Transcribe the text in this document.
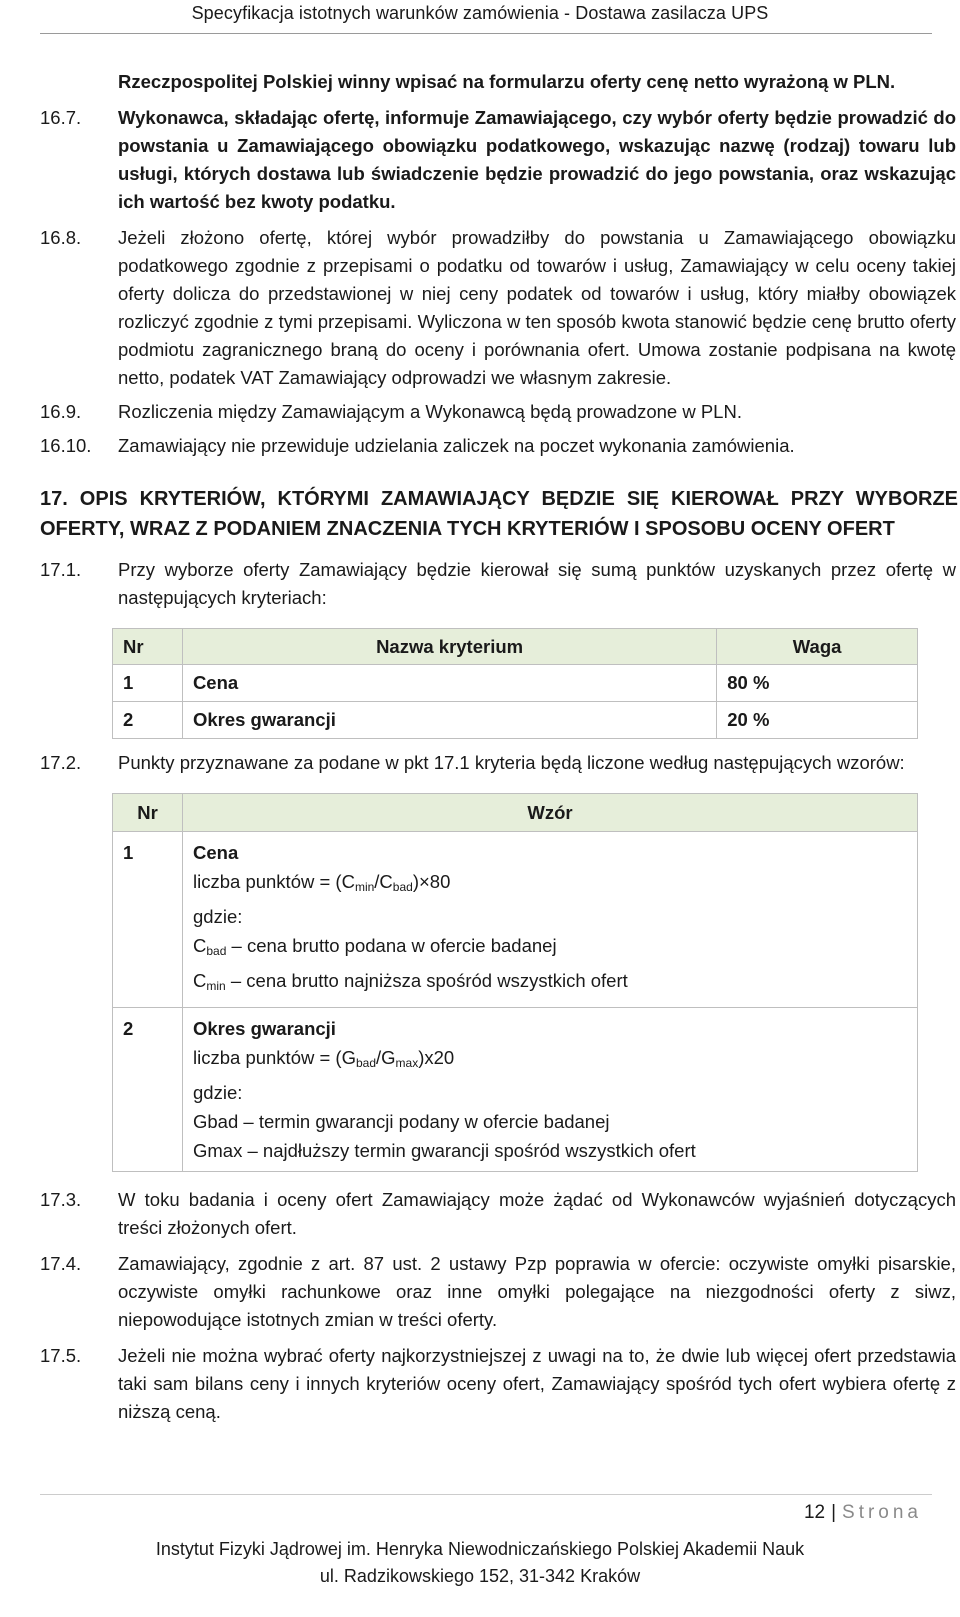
Specyfikacja istotnych warunków zamówienia - Dostawa zasilacza UPS
Rzeczpospolitej Polskiej winny wpisać na formularzu oferty cenę netto wyrażoną w PLN.
16.7.	Wykonawca, składając ofertę, informuje Zamawiającego, czy wybór oferty będzie prowadzić do powstania u Zamawiającego obowiązku podatkowego, wskazując nazwę (rodzaj) towaru lub usługi, których dostawa lub świadczenie będzie prowadzić do jego powstania, oraz wskazując ich wartość bez kwoty podatku.
16.8.	Jeżeli złożono ofertę, której wybór prowadziłby do powstania u Zamawiającego obowiązku podatkowego zgodnie z przepisami o podatku od towarów i usług, Zamawiający w celu oceny takiej oferty dolicza do przedstawionej w niej ceny podatek od towarów i usług, który miałby obowiązek rozliczyć zgodnie z tymi przepisami. Wyliczona w ten sposób kwota stanowić będzie cenę brutto oferty podmiotu zagranicznego braną do oceny i porównania ofert. Umowa zostanie podpisana na kwotę netto, podatek VAT Zamawiający odprowadzi we własnym zakresie.
16.9.	Rozliczenia między Zamawiającym a Wykonawcą będą prowadzone w PLN.
16.10.	Zamawiający nie przewiduje udzielania zaliczek na poczet wykonania zamówienia.
17. OPIS KRYTERIÓW, KTÓRYMI ZAMAWIAJĄCY BĘDZIE SIĘ KIEROWAŁ PRZY WYBORZE OFERTY, WRAZ Z PODANIEM ZNACZENIA TYCH KRYTERIÓW I SPOSOBU OCENY OFERT
17.1.	Przy wyborze oferty Zamawiający będzie kierował się sumą punktów uzyskanych przez ofertę w następujących kryteriach:
Nr	Nazwa kryterium	Waga
1	Cena	80 %
2	Okres gwarancji	20 %
17.2.	Punkty przyznawane za podane w pkt 17.1 kryteria będą liczone według następujących wzorów:
Nr	Wzór
1	Cena
liczba punktów = $(C_{min}/C_{bad})\times 80$
gdzie:
$C_{bad}$ – cena brutto podana w ofercie badanej
$C_{min}$ – cena brutto najniższa spośród wszystkich ofert

2	Okres gwarancji
liczba punktów = $(G_{bad}/G_{max})x20$
gdzie:
Gbad – termin gwarancji podany w ofercie badanej
Gmax – najdłuższy termin gwarancji spośród wszystkich ofert
17.3.	W toku badania i oceny ofert Zamawiający może żądać od Wykonawców wyjaśnień dotyczących treści złożonych ofert.
17.4.	Zamawiający, zgodnie z art. 87 ust. 2 ustawy Pzp poprawia w ofercie: oczywiste omyłki pisarskie, oczywiste omyłki rachunkowe oraz inne omyłki polegające na niezgodności oferty z siwz, niepowodujące istotnych zmian w treści oferty.
17.5.	Jeżeli nie można wybrać oferty najkorzystniejszej z uwagi na to, że dwie lub więcej ofert przedstawia taki sam bilans ceny i innych kryteriów oceny ofert, Zamawiający spośród tych ofert wybiera ofertę z niższą ceną.
12 | Strona
Instytut Fizyki Jądrowej im. Henryka Niewodniczańskiego Polskiej Akademii Nauk
ul. Radzikowskiego 152, 31-342 Kraków
